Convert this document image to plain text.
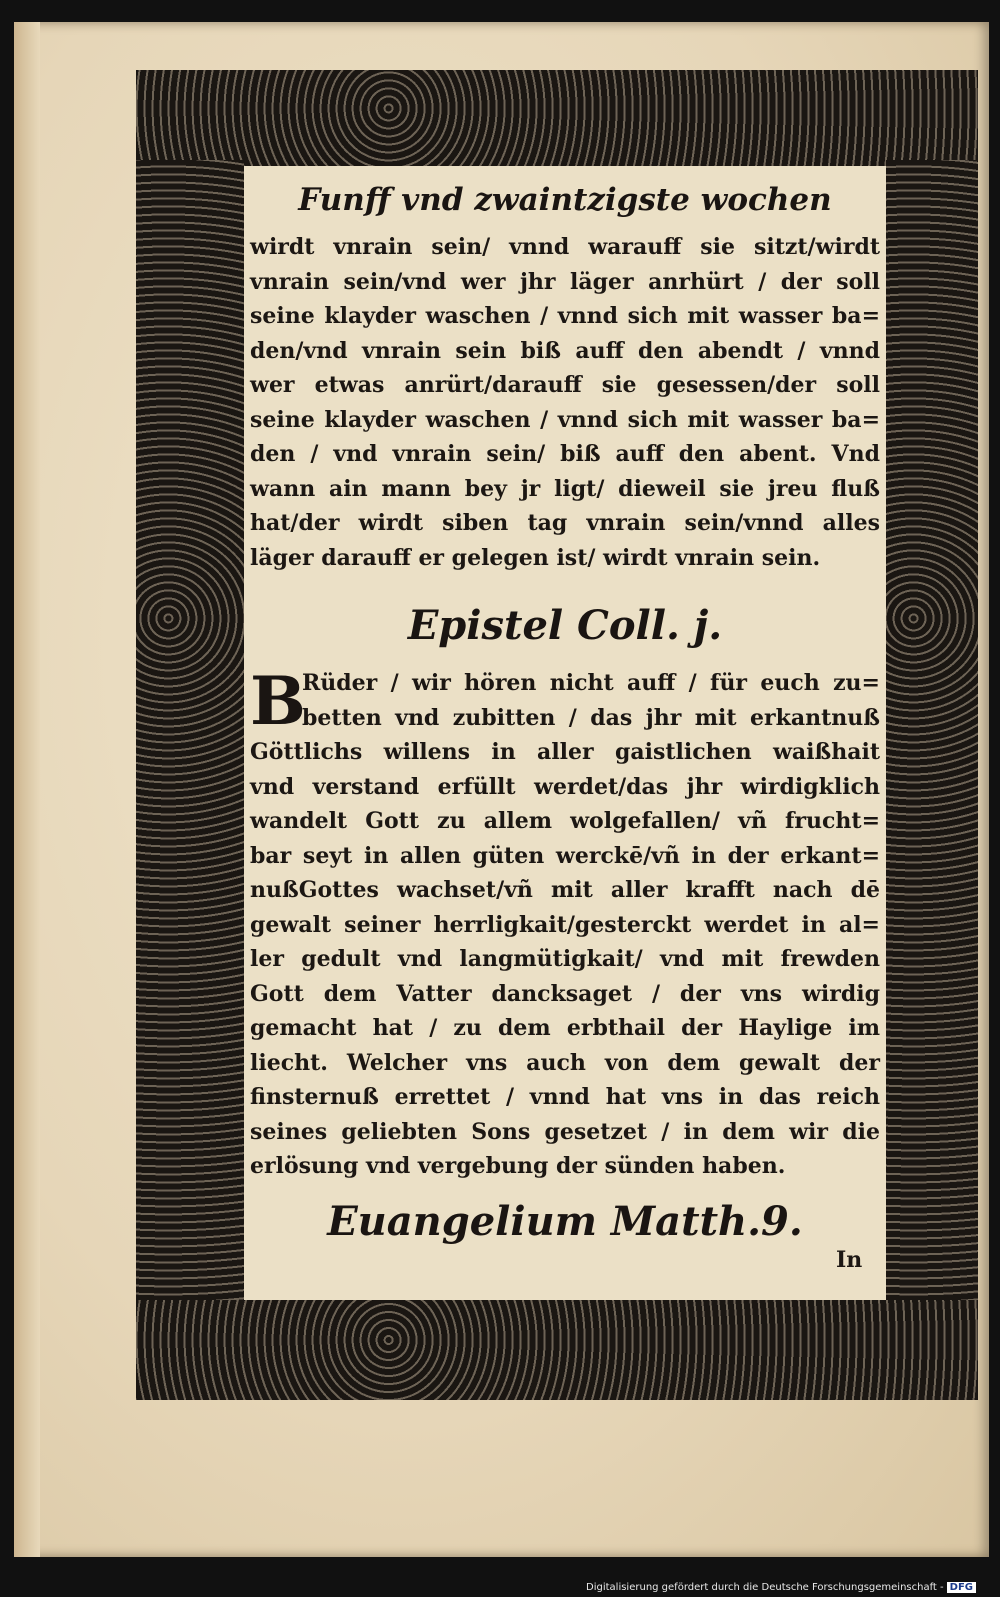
Funff vnd zwaintzigste wochen
wirdt vnrain sein/ vnnd warauff sie sitzt/wirdt
vnrain sein/vnd wer jhr läger anrhürt / der soll
seine klayder waschen / vnnd sich mit wasser ba=
den/vnd vnrain sein biß auff den abendt / vnnd
wer etwas anrürt/darauff sie gesessen/der soll
seine klayder waschen / vnnd sich mit wasser ba=
den / vnd vnrain sein/ biß auff den abent. Vnd
wann ain mann bey jr ligt/ dieweil sie jreu fluß
hat/der wirdt siben tag vnrain sein/vnnd alles
läger darauff er gelegen ist/ wirdt vnrain sein.
Epistel Coll. j.
B
Rüder / wir hören nicht auff / für euch zu=
betten vnd zubitten / das jhr mit erkantnuß
Göttlichs willens in aller gaistlichen waißhait
vnd verstand erfüllt werdet/das jhr wirdigklich
wandelt Gott zu allem wolgefallen/ vñ frucht=
bar seyt in allen güten werckē/vñ in der erkant=
nußGottes wachset/vñ mit aller krafft nach dē
gewalt seiner herrligkait/gesterckt werdet in al=
ler gedult vnd langmütigkait/ vnd mit frewden
Gott dem Vatter dancksaget / der vns wirdig
gemacht hat / zu dem erbthail der Haylige im
liecht. Welcher vns auch von dem gewalt der
finsternuß errettet / vnnd hat vns in das reich
seines geliebten Sons gesetzet / in dem wir die
erlösung vnd vergebung der sünden haben.
Euangelium Matth.9.
In
Digitalisierung gefördert durch die Deutsche Forschungsgemeinschaft - DFG
